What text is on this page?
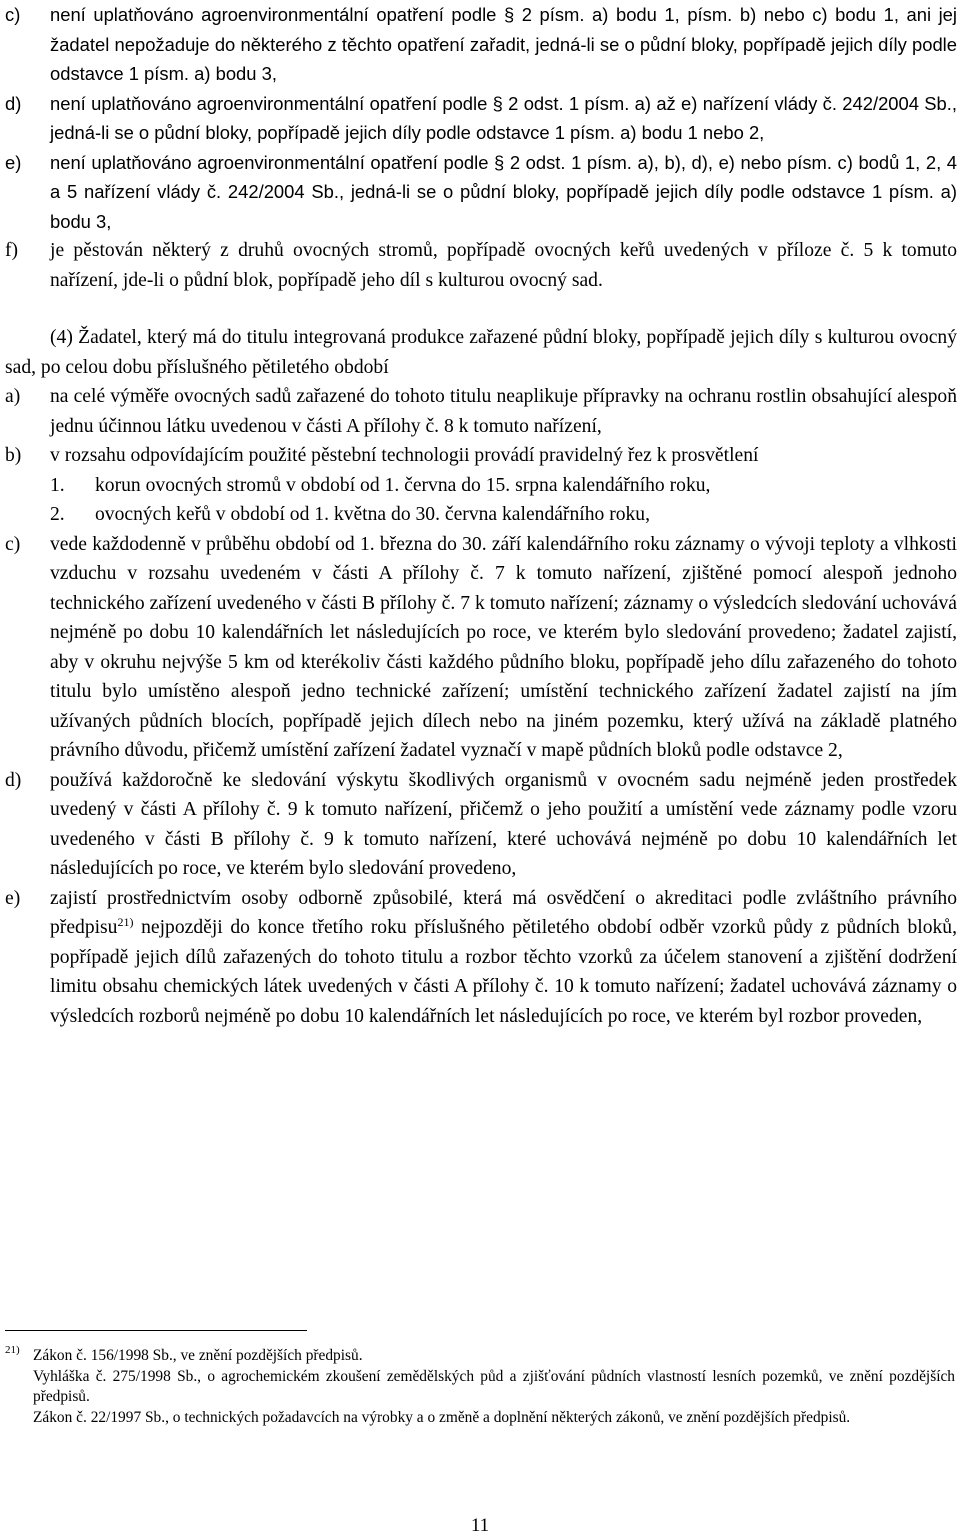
c) není uplatňováno agroenvironmentální opatření podle § 2 písm. a) bodu 1, písm. b) nebo c) bodu 1, ani jej žadatel nepožaduje do některého z těchto opatření zařadit, jedná-li se o půdní bloky, popřípadě jejich díly podle odstavce 1 písm. a) bodu 3,

d) není uplatňováno agroenvironmentální opatření podle § 2 odst. 1 písm. a) až e) nařízení vlády č. 242/2004 Sb., jedná-li se o půdní bloky, popřípadě jejich díly podle odstavce 1 písm. a) bodu 1 nebo 2,

e) není uplatňováno agroenvironmentální opatření podle § 2 odst. 1 písm. a), b), d), e) nebo písm. c) bodů 1, 2, 4 a 5 nařízení vlády č. 242/2004 Sb., jedná-li se o půdní bloky, popřípadě jejich díly podle odstavce 1 písm. a) bodu 3,

f) je pěstován některý z druhů ovocných stromů, popřípadě ovocných keřů uvedených v příloze č. 5 k tomuto nařízení, jde-li o půdní blok, popřípadě jeho díl s kulturou ovocný sad.

(4) Žadatel, který má do titulu integrovaná produkce zařazené půdní bloky, popřípadě jejich díly s kulturou ovocný sad, po celou dobu příslušného pětiletého období

a) na celé výměře ovocných sadů zařazené do tohoto titulu neaplikuje přípravky na ochranu rostlin obsahující alespoň jednu účinnou látku uvedenou v části A přílohy č. 8 k tomuto nařízení,

b) v rozsahu odpovídajícím použité pěstební technologii provádí pravidelný řez k prosvětlení

1. korun ovocných stromů v období od 1. června do 15. srpna kalendářního roku,

2. ovocných keřů v období od 1. května do 30. června kalendářního roku,

c) vede každodenně v průběhu období od 1. března do 30. září kalendářního roku záznamy o vývoji teploty a vlhkosti vzduchu v rozsahu uvedeném v části A přílohy č. 7 k tomuto nařízení, zjištěné pomocí alespoň jednoho technického zařízení uvedeného v části B přílohy č. 7 k tomuto nařízení; záznamy o výsledcích sledování uchovává nejméně po dobu 10 kalendářních let následujících po roce, ve kterém bylo sledování provedeno; žadatel zajistí, aby v okruhu nejvýše 5 km od kterékoliv části každého půdního bloku, popřípadě jeho dílu zařazeného do tohoto titulu bylo umístěno alespoň jedno technické zařízení; umístění technického zařízení žadatel zajistí na jím užívaných půdních blocích, popřípadě jejich dílech nebo na jiném pozemku, který užívá na základě platného právního důvodu, přičemž umístění zařízení žadatel vyznačí v mapě půdních bloků podle odstavce 2,

d) používá každoročně ke sledování výskytu škodlivých organismů v ovocném sadu nejméně jeden prostředek uvedený v části A přílohy č. 9 k tomuto nařízení, přičemž o jeho použití a umístění vede záznamy podle vzoru uvedeného v části B přílohy č. 9 k tomuto nařízení, které uchovává nejméně po dobu 10 kalendářních let následujících po roce, ve kterém bylo sledování provedeno,

e) zajistí prostřednictvím osoby odborně způsobilé, která má osvědčení o akreditaci podle zvláštního právního předpisu$^{21)}$ nejpozději do konce třetího roku příslušného pětiletého období odběr vzorků půdy z půdních bloků, popřípadě jejich dílů zařazených do tohoto titulu a rozbor těchto vzorků za účelem stanovení a zjištění dodržení limitu obsahu chemických látek uvedených v části A přílohy č. 10 k tomuto nařízení; žadatel uchovává záznamy o výsledcích rozborů nejméně po dobu 10 kalendářních let následujících po roce, ve kterém byl rozbor proveden,

21) Zákon č. 156/1998 Sb., ve znění pozdějších předpisů.

Vyhláška č. 275/1998 Sb., o agrochemickém zkoušení zemědělských půd a zjišťování půdních vlastností lesních pozemků, ve znění pozdějších předpisů.

Zákon č. 22/1997 Sb., o technických požadavcích na výrobky a o změně a doplnění některých zákonů, ve znění pozdějších předpisů.

11
